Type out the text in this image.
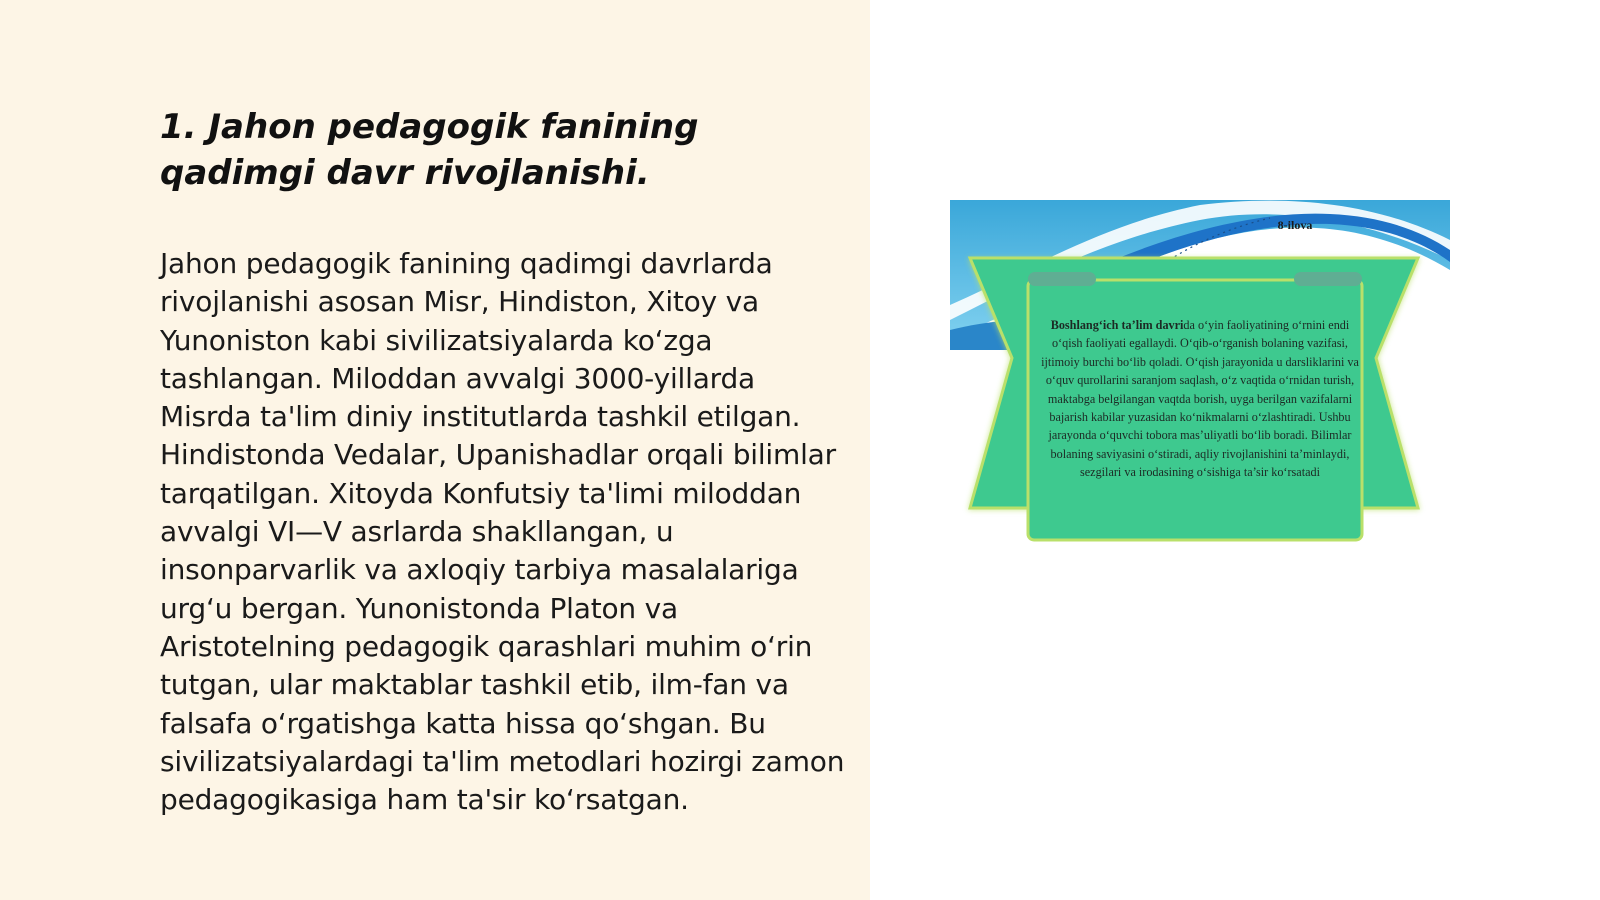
1. Jahon pedagogik fanining qadimgi davr rivojlanishi.

Jahon pedagogik fanining qadimgi davrlarda rivojlanishi asosan Misr, Hindiston, Xitoy va Yunoniston kabi sivilizatsiyalarda ko‘zga tashlangan. Miloddan avvalgi 3000-yillarda Misrda ta'lim diniy institutlarda tashkil etilgan. Hindistonda Vedalar, Upanishadlar orqali bilimlar tarqatilgan. Xitoyda Konfutsiy ta'limi miloddan avvalgi VI—V asrlarda shakllangan, u insonparvarlik va axloqiy tarbiya masalalariga urg‘u bergan. Yunonistonda Platon va Aristotelning pedagogik qarashlari muhim o‘rin tutgan, ular maktablar tashkil etib, ilm-fan va falsafa o‘rgatishga katta hissa qo‘shgan. Bu sivilizatsiyalardagi ta'lim metodlari hozirgi zamon pedagogikasiga ham ta'sir ko‘rsatgan.

8-ilova

Boshlang‘ich ta’lim davrida o‘yin faoliyatining o‘rnini endi o‘qish faoliyati egallaydi. O‘qib-o‘rganish bolaning vazifasi, ijtimoiy burchi bo‘lib qoladi. O‘qish jarayonida u darsliklarini va o‘quv qurollarini saranjom saqlash, o‘z vaqtida o‘rnidan turish, maktabga belgilangan vaqtda borish, uyga berilgan vazifalarni bajarish kabilar yuzasidan ko‘nikmalarni o‘zlashtiradi. Ushbu jarayonda o‘quvchi tobora mas’uliyatli bo‘lib boradi. Bilimlar bolaning saviyasini o‘stiradi, aqliy rivojlanishini ta’minlaydi, sezgilari va irodasining o‘sishiga ta’sir ko‘rsatadi
